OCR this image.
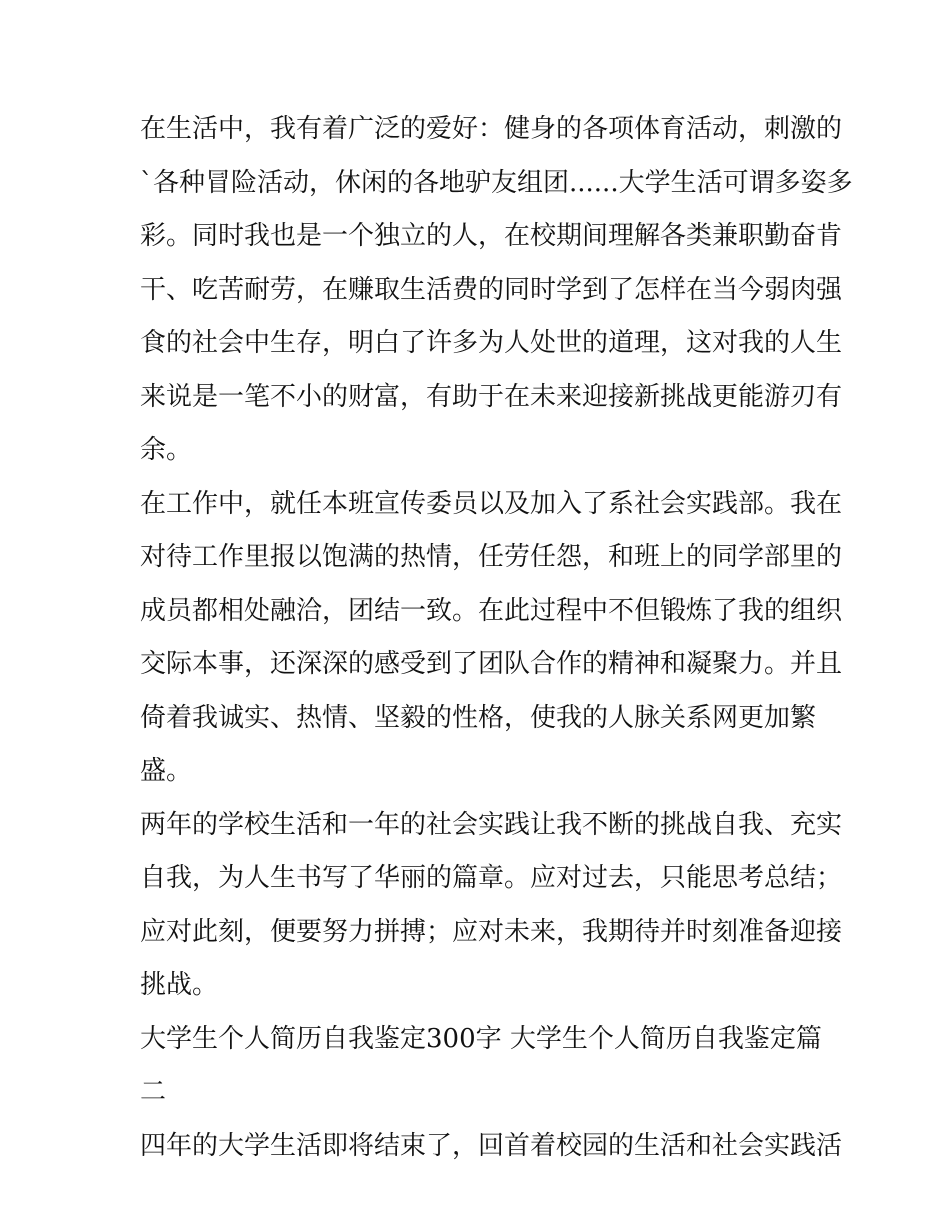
在生活中，我有着广泛的爱好：健身的各项体育活动，刺激的
`各种冒险活动，休闲的各地驴友组团......大学生活可谓多姿多
彩。同时我也是一个独立的人，在校期间理解各类兼职勤奋肯
干、吃苦耐劳，在赚取生活费的同时学到了怎样在当今弱肉强
食的社会中生存，明白了许多为人处世的道理，这对我的人生
来说是一笔不小的财富，有助于在未来迎接新挑战更能游刃有
余。
在工作中，就任本班宣传委员以及加入了系社会实践部。我在
对待工作里报以饱满的热情，任劳任怨，和班上的同学部里的
成员都相处融洽，团结一致。在此过程中不但锻炼了我的组织
交际本事，还深深的感受到了团队合作的精神和凝聚力。并且
倚着我诚实、热情、坚毅的性格，使我的人脉关系网更加繁
盛。
两年的学校生活和一年的社会实践让我不断的挑战自我、充实
自我，为人生书写了华丽的篇章。应对过去，只能思考总结；
应对此刻，便要努力拼搏；应对未来，我期待并时刻准备迎接
挑战。
大学生个人简历自我鉴定300字 大学生个人简历自我鉴定篇
二
四年的大学生活即将结束了，回首着校园的生活和社会实践活
